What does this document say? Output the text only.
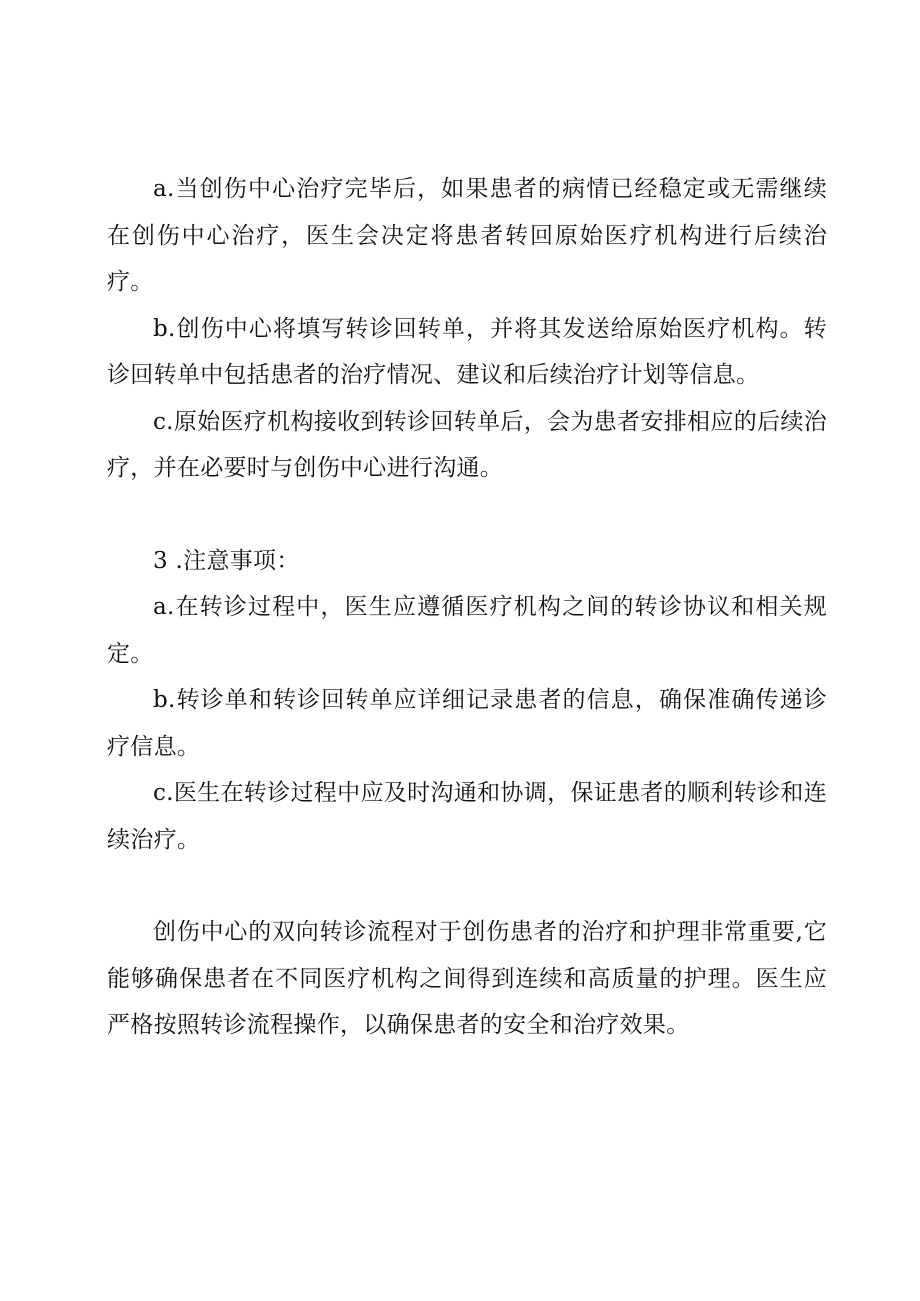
a.当创伤中心治疗完毕后，如果患者的病情已经稳定或无需继续在创伤中心治疗，医生会决定将患者转回原始医疗机构进行后续治疗。

b.创伤中心将填写转诊回转单，并将其发送给原始医疗机构。转诊回转单中包括患者的治疗情况、建议和后续治疗计划等信息。

c.原始医疗机构接收到转诊回转单后，会为患者安排相应的后续治疗，并在必要时与创伤中心进行沟通。

3 .注意事项：

a.在转诊过程中，医生应遵循医疗机构之间的转诊协议和相关规定。

b.转诊单和转诊回转单应详细记录患者的信息，确保准确传递诊疗信息。

c.医生在转诊过程中应及时沟通和协调，保证患者的顺利转诊和连续治疗。

创伤中心的双向转诊流程对于创伤患者的治疗和护理非常重要,它能够确保患者在不同医疗机构之间得到连续和高质量的护理。医生应严格按照转诊流程操作，以确保患者的安全和治疗效果。
